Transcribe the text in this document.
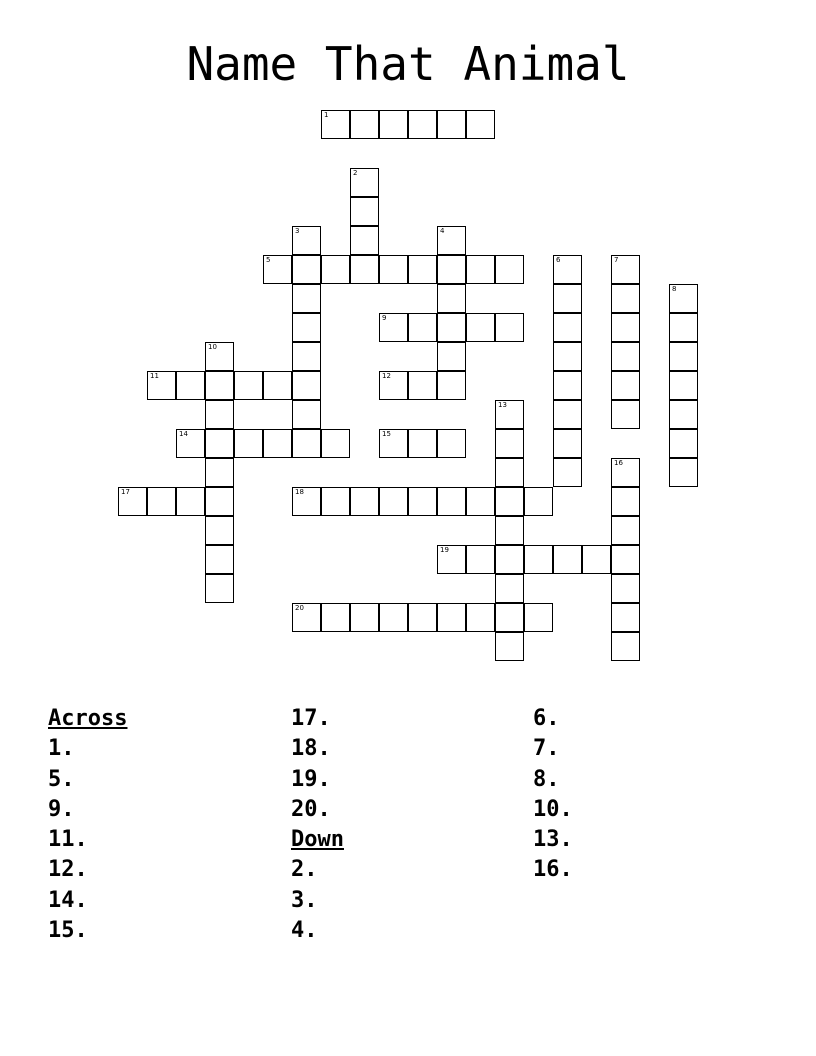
Name That Animal
1
2
3	4
5	6	7
8
9
10
11	12
13
14	15
16
17	18
19
20
Across
1.
5.
9.
11.
12.
14.
15.
17.
18.
19.
20.
Down
2.
3.
4.
6.
7.
8.
10.
13.
16.
